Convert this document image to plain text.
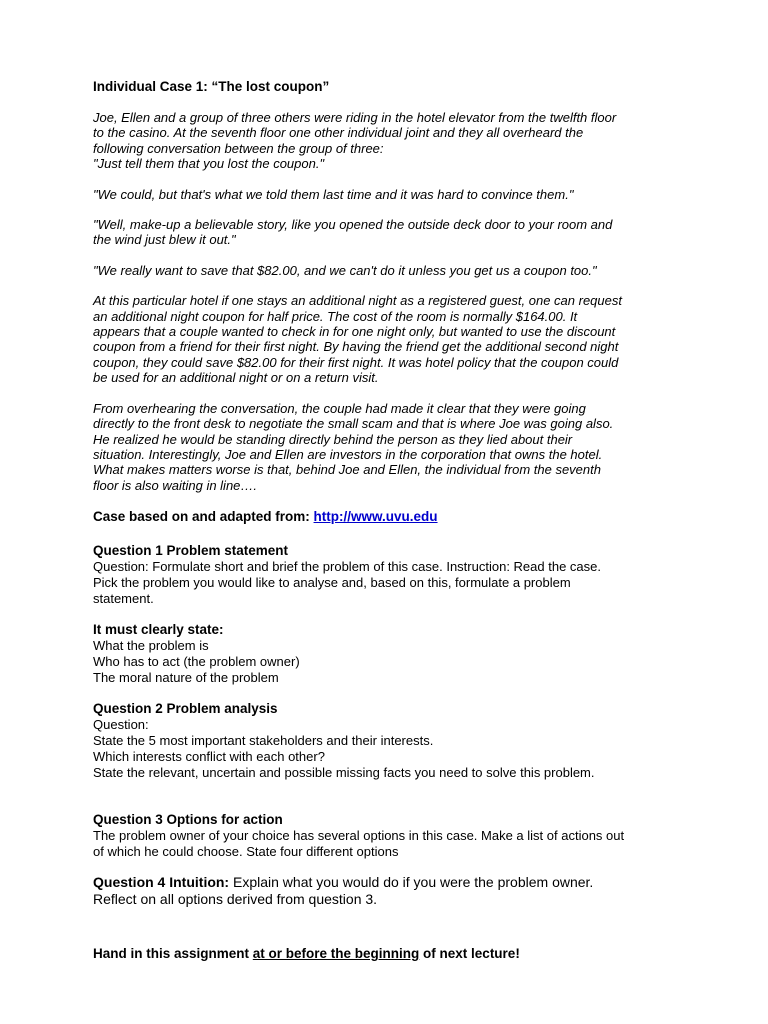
Individual Case 1: “The lost coupon”
Joe, Ellen and a group of three others were riding in the hotel elevator from the twelfth floor
to the casino. At the seventh floor one other individual joint and they all overheard the
following conversation between the group of three:
"Just tell them that you lost the coupon."
"We could, but that's what we told them last time and it was hard to convince them."
"Well, make-up a believable story, like you opened the outside deck door to your room and
the wind just blew it out."
"We really want to save that $82.00, and we can't do it unless you get us a coupon too."
At this particular hotel if one stays an additional night as a registered guest, one can request
an additional night coupon for half price. The cost of the room is normally $164.00. It
appears that a couple wanted to check in for one night only, but wanted to use the discount
coupon from a friend for their first night. By having the friend get the additional second night
coupon, they could save $82.00 for their first night. It was hotel policy that the coupon could
be used for an additional night or on a return visit.
From overhearing the conversation, the couple had made it clear that they were going
directly to the front desk to negotiate the small scam and that is where Joe was going also.
He realized he would be standing directly behind the person as they lied about their
situation. Interestingly, Joe and Ellen are investors in the corporation that owns the hotel.
What makes matters worse is that, behind Joe and Ellen, the individual from the seventh
floor is also waiting in line….
Case based on and adapted from: http://www.uvu.edu
Question 1 Problem statement
Question: Formulate short and brief the problem of this case. Instruction: Read the case.
Pick the problem you would like to analyse and, based on this, formulate a problem
statement.
It must clearly state:
What the problem is
Who has to act (the problem owner)
The moral nature of the problem
Question 2 Problem analysis
Question:
State the 5 most important stakeholders and their interests.
Which interests conflict with each other?
State the relevant, uncertain and possible missing facts you need to solve this problem.
Question 3 Options for action
The problem owner of your choice has several options in this case. Make a list of actions out
of which he could choose. State four different options
Question 4 Intuition: Explain what you would do if you were the problem owner.
Reflect on all options derived from question 3.
Hand in this assignment at or before the beginning of next lecture!
